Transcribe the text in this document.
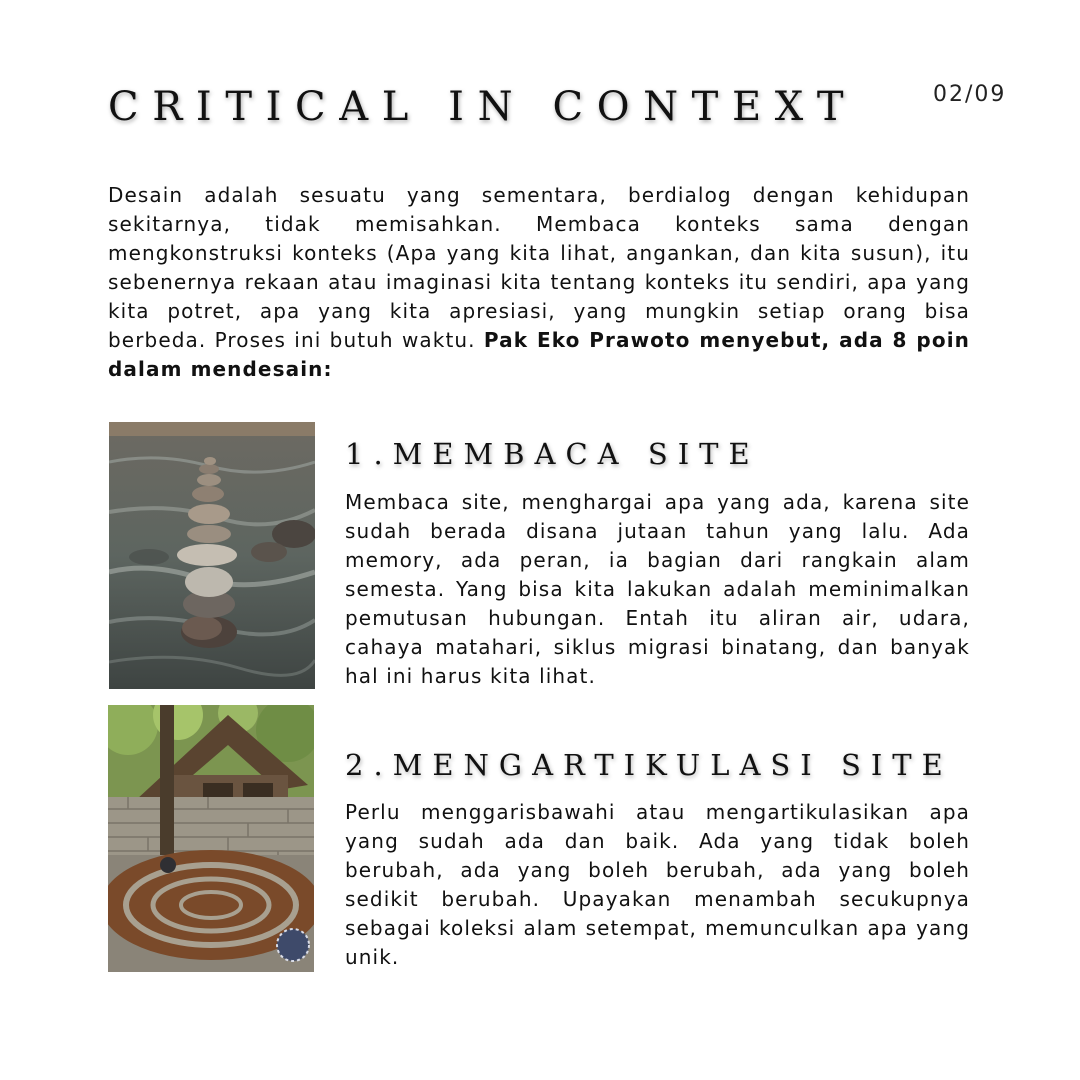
CRITICAL IN CONTEXT	02/09

Desain adalah sesuatu yang sementara, berdialog dengan kehidupan sekitarnya, tidak memisahkan. Membaca konteks sama dengan mengkonstruksi konteks (Apa yang kita lihat, angankan, dan kita susun), itu sebenernya rekaan atau imaginasi kita tentang konteks itu sendiri, apa yang kita potret, apa yang kita apresiasi, yang mungkin setiap orang bisa berbeda. Proses ini butuh waktu. Pak Eko Prawoto menyebut, ada 8 poin dalam mendesain:

1.MEMBACA SITE

Membaca site, menghargai apa yang ada, karena site sudah berada disana jutaan tahun yang lalu. Ada memory, ada peran, ia bagian dari rangkain alam semesta. Yang bisa kita lakukan adalah meminimalkan pemutusan hubungan. Entah itu aliran air, udara, cahaya matahari, siklus migrasi binatang, dan banyak hal ini harus kita lihat.

2.MENGARTIKULASI SITE

Perlu menggarisbawahi atau mengartikulasikan apa yang sudah ada dan baik. Ada yang tidak boleh berubah, ada yang boleh berubah, ada yang boleh sedikit berubah. Upayakan menambah secukupnya sebagai koleksi alam setempat, memunculkan apa yang unik.
